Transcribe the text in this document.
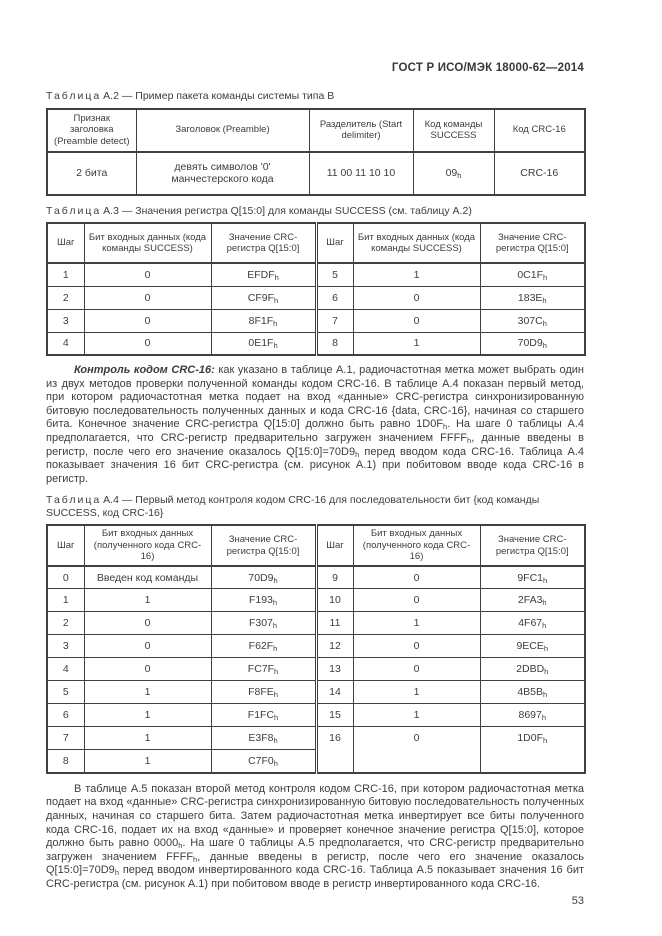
ГОСТ Р ИСО/МЭК 18000-62—2014
Таблица А.2 — Пример пакета команды системы типа В
Признак заголовка (Preamble detect)	Заголовок (Preamble)	Разделитель (Start delimiter)	Код команды SUCCESS	Код CRC-16
2 бита	девять символов '0' манчестерского кода	11 00 11 10 10	$09_h$	CRC-16
Таблица А.3 — Значения регистра Q[15:0] для команды SUCCESS (см. таблицу А.2)
Шаг	Бит входных данных (кода команды SUCCESS)	Значение CRC-регистра Q[15:0]	Шаг	Бит входных данных (кода команды SUCCESS)	Значение CRC-регистра Q[15:0]
1	0	$EFDF_h$	5	1	$0C1F_h$
2	0	$CF9F_h$	6	0	$183E_h$
3	0	$8F1F_h$	7	0	$307C_h$
4	0	$0E1F_h$	8	1	$70D9_h$

Контроль кодом CRC-16: как указано в таблице А.1, радиочастотная метка может выбрать один из двух методов проверки полученной команды кодом CRC-16. В таблице А.4 показан первый метод, при котором радиочастотная метка подает на вход «данные» CRC-регистра синхронизированную битовую последовательность полученных данных и кода CRC-16 {data, CRC-16}, начиная со старшего бита. Конечное значение CRC-регистра Q[15:0] должно быть равно $1D0F_h$. На шаге 0 таблицы А.4 предполагается, что CRC-регистр предварительно загружен значением $FFFF_h$, данные введены в регистр, после чего его значение оказалось $Q[15:0]=70D9_h$ перед вводом кода CRC-16. Таблица А.4 показывает значения 16 бит CRC-регистра (см. рисунок А.1) при побитовом вводе кода CRC-16 в регистр.

Таблица А.4 — Первый метод контроля кодом CRC-16 для последовательности бит {код команды SUCCESS, код CRC-16}
Шаг	Бит входных данных (полученного кода CRC-16)	Значение CRC-регистра Q[15:0]	Шаг	Бит входных данных (полученного кода CRC-16)	Значение CRC-регистра Q[15:0]
0	Введен код команды	$70D9_h$	9	0	$9FC1_h$
1	1	$F193_h$	10	0	$2FA3_h$
2	0	$F307_h$	11	1	$4F67_h$
3	0	$F62F_h$	12	0	$9ECE_h$
4	0	$FC7F_h$	13	0	$2DBD_h$
5	1	$F8FE_h$	14	1	$4B5B_h$
6	1	$F1FC_h$	15	1	$8697_h$
7	1	$E3F8_h$	16	0	$1D0F_h$
8	1	$C7F0_h$

В таблице А.5 показан второй метод контроля кодом CRC-16, при котором радиочастотная метка подает на вход «данные» CRC-регистра синхронизированную битовую последовательность полученных данных, начиная со старшего бита. Затем радиочастотная метка инвертирует все биты полученного кода CRC-16, подает их на вход «данные» и проверяет конечное значение регистра Q[15:0], которое должно быть равно $0000_h$. На шаге 0 таблицы А.5 предполагается, что CRC-регистр предварительно загружен значением $FFFF_h$, данные введены в регистр, после чего его значение оказалось $Q[15:0]=70D9_h$ перед вводом инвертированного кода CRC-16. Таблица А.5 показывает значения 16 бит CRC-регистра (см. рисунок А.1) при побитовом вводе в регистр инвертированного кода CRC-16.

53
